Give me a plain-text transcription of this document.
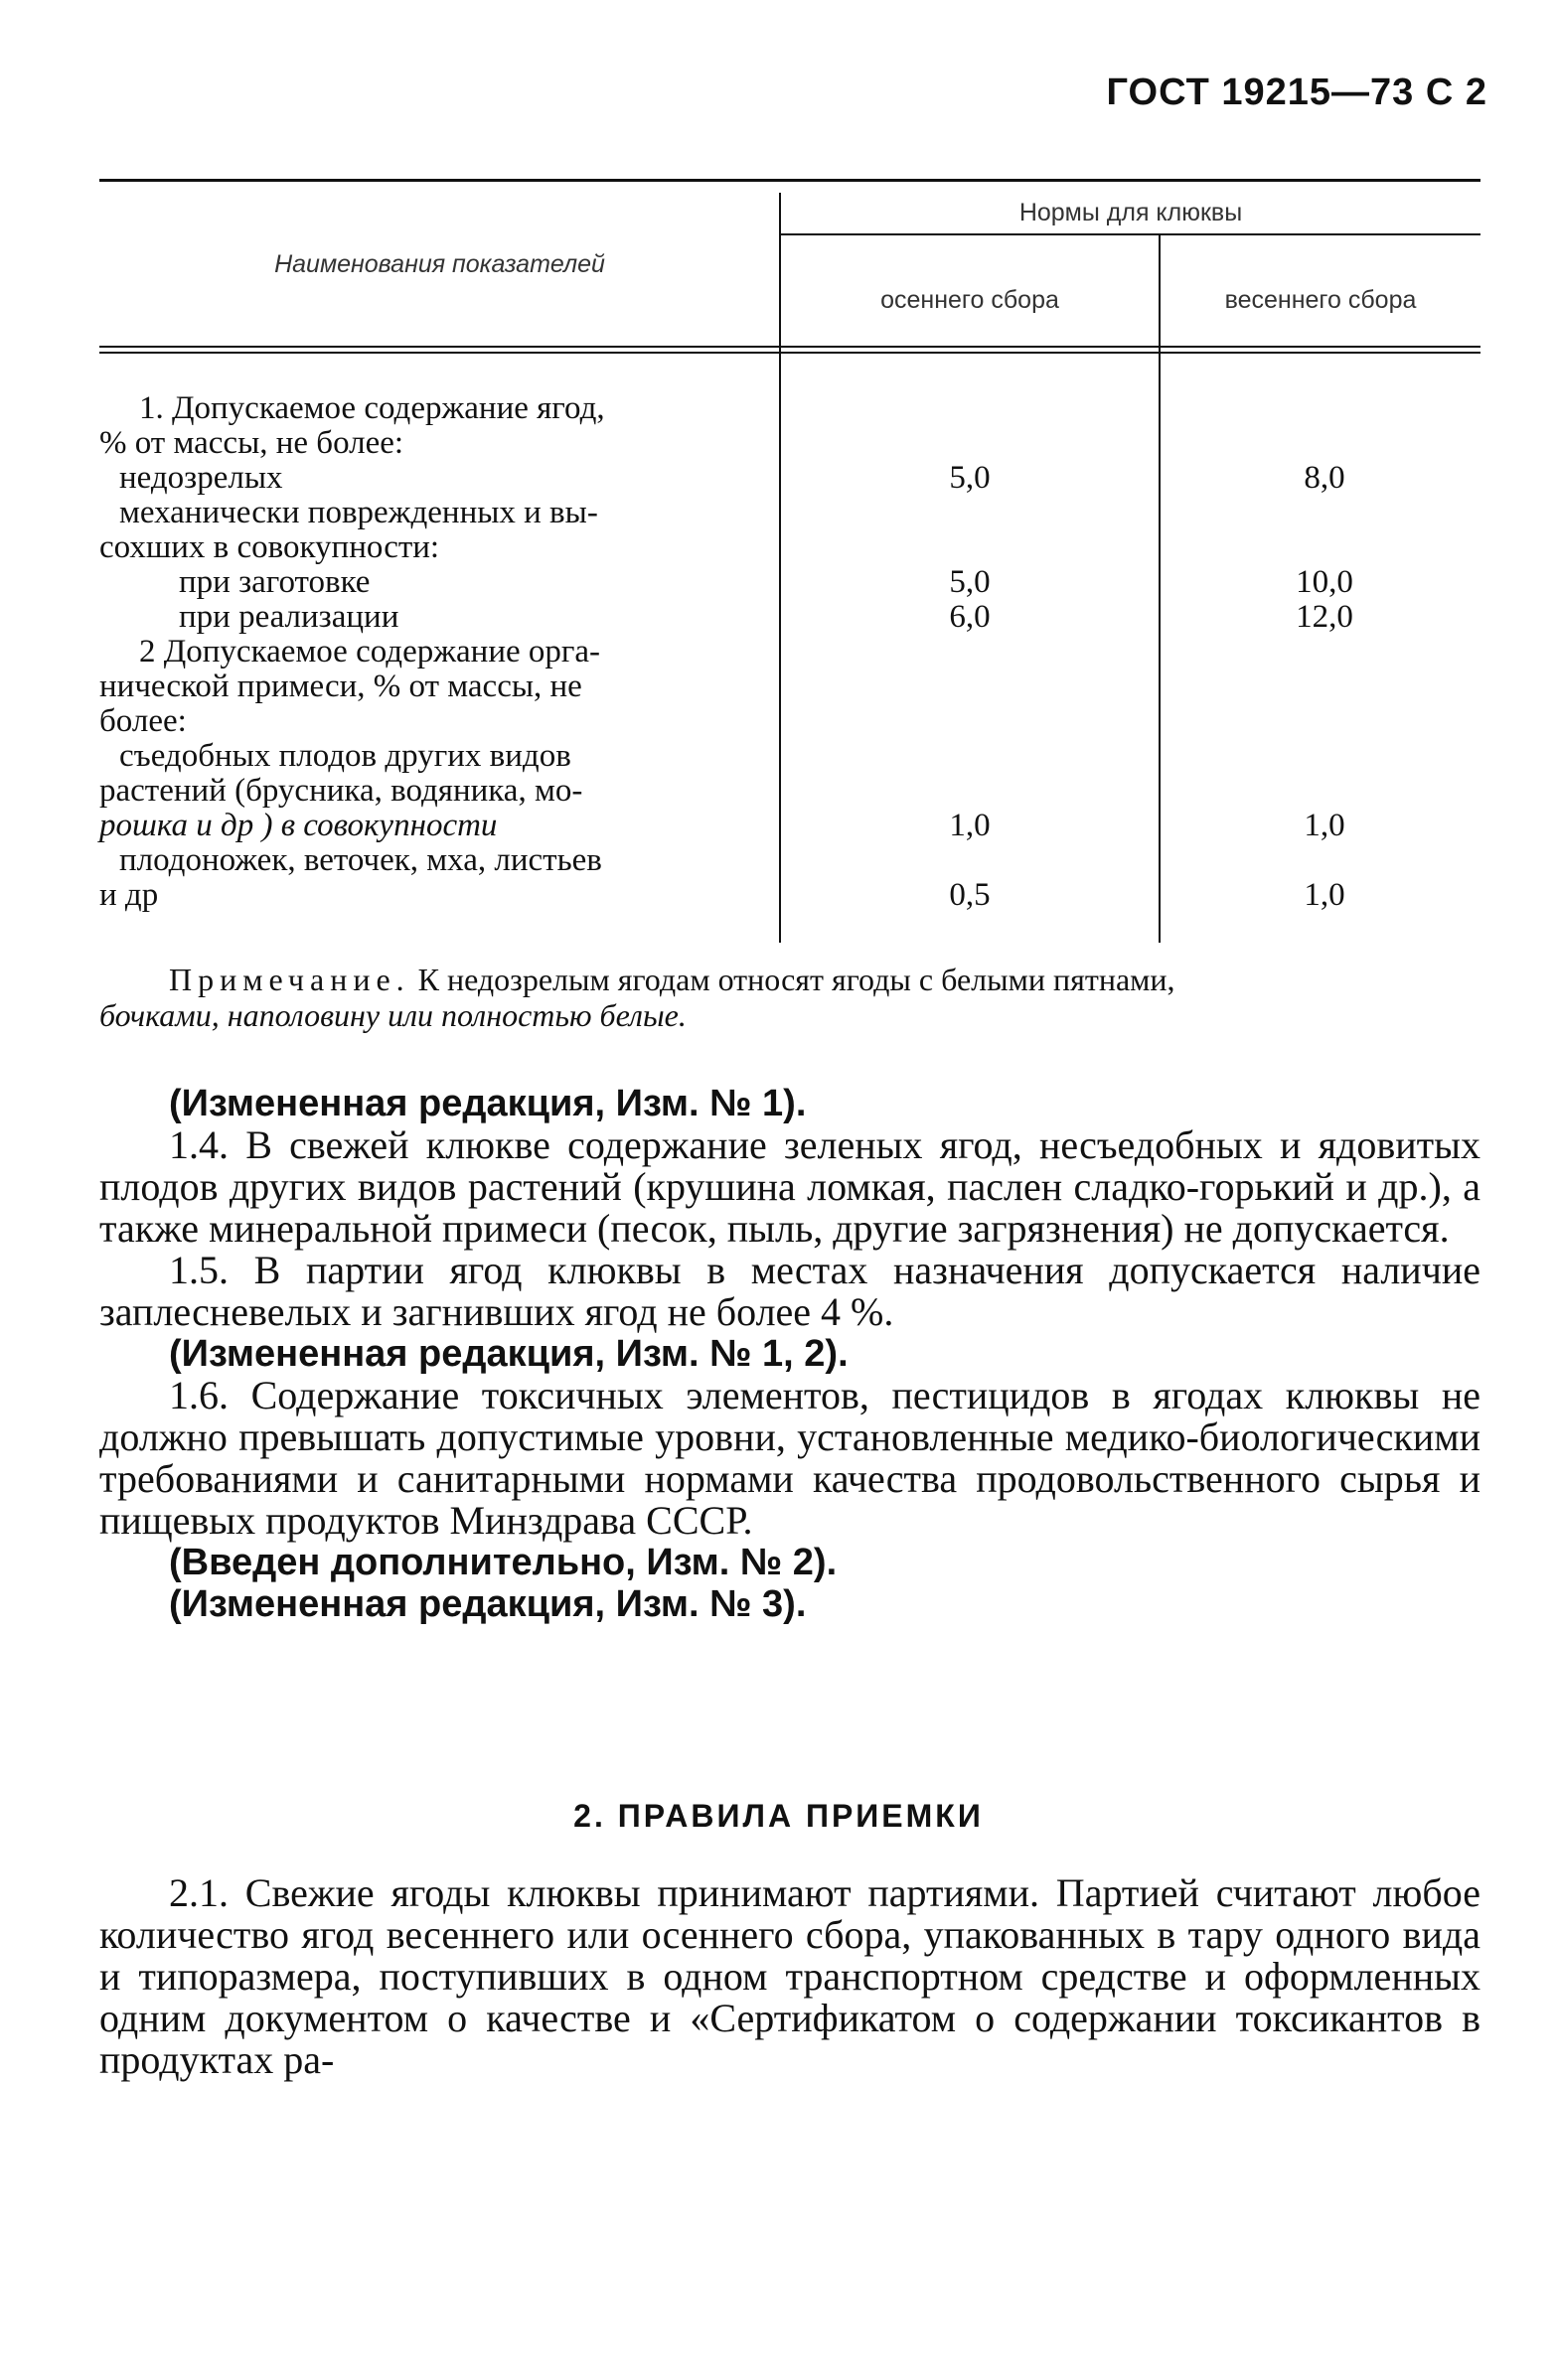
ГОСТ 19215—73 С 2
Наименования показателей
Нормы для клюквы
осеннего сбора	весеннего сбора
1. Допускаемое содержание ягод,
% от массы, не более:
недозрелых	5,0	8,0
механически поврежденных и вы-
сохших в совокупности:
при заготовке	5,0	10,0
при реализации	6,0	12,0
2 Допускаемое содержание орга-
нической примеси, % от массы, не
более:
съедобных плодов других видов
растений (брусника, водяника, мо-
рошка и др ) в совокупности	1,0	1,0
плодоножек, веточек, мха, листьев
и др	0,5	1,0

Примечание. К недозрелым ягодам относят ягоды с белыми пятнами,

бочками, наполовину или полностью белые.

(Измененная редакция, Изм. № 1).

1.4. В свежей клюкве содержание зеленых ягод, несъедобных и ядовитых плодов других видов растений (крушина ломкая, паслен сладко-горький и др.), а также минеральной примеси (песок, пыль, другие загрязнения) не допускается.

1.5. В партии ягод клюквы в местах назначения допускается наличие заплесневелых и загнивших ягод не более 4 %.

(Измененная редакция, Изм. № 1, 2).

1.6. Содержание токсичных элементов, пестицидов в ягодах клюквы не должно превышать допустимые уровни, установленные медико-биологическими требованиями и санитарными нормами качества продовольственного сырья и пищевых продуктов Минздрава СССР.

(Введен дополнительно, Изм. № 2).

(Измененная редакция, Изм. № 3).

2. ПРАВИЛА ПРИЕМКИ

2.1. Свежие ягоды клюквы принимают партиями. Партией считают любое количество ягод весеннего или осеннего сбора, упакованных в тару одного вида и типоразмера, поступивших в одном транспортном средстве и оформленных одним документом о качестве и «Сертификатом о содержании токсикантов в продуктах ра-
